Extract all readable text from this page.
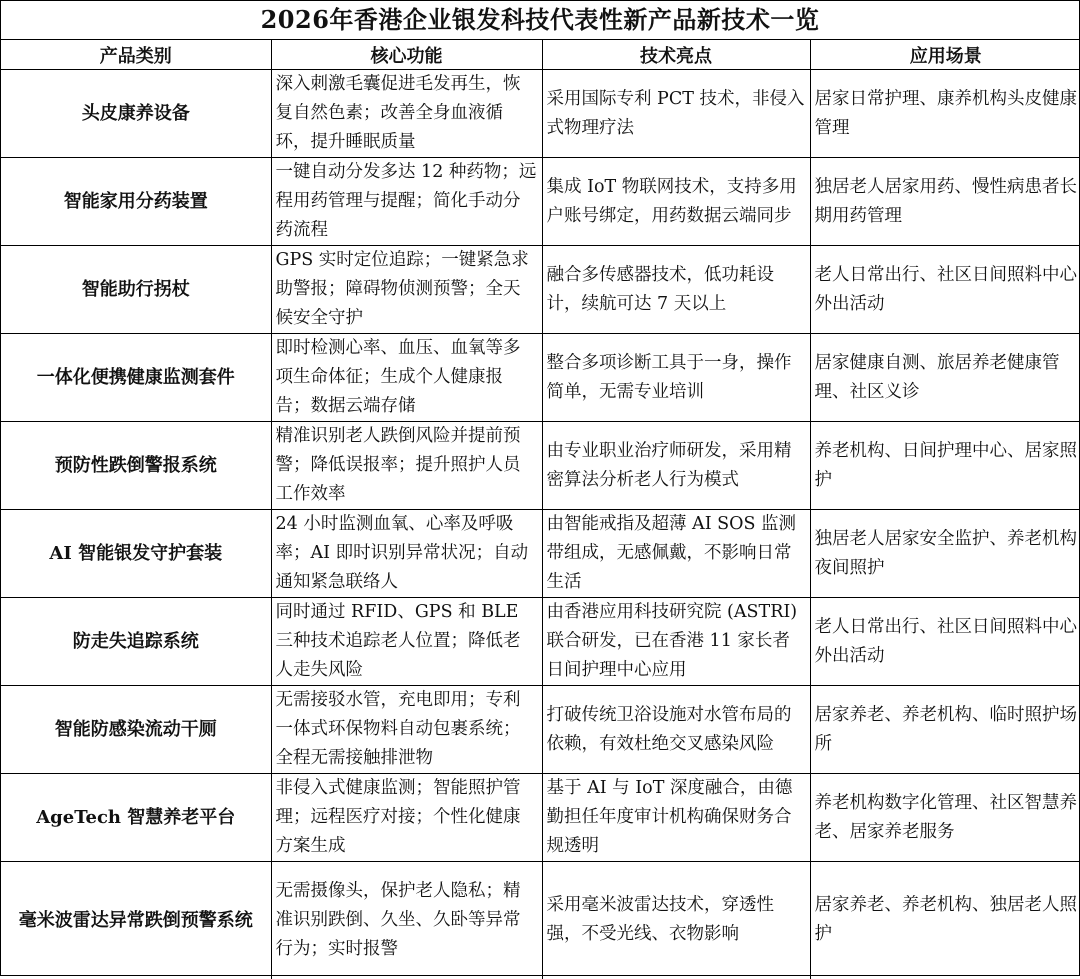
2026年香港企业银发科技代表性新产品新技术一览
产品类别	核心功能	技术亮点	应用场景
头皮康养设备	深入刺激毛囊促进毛发再生，恢复自然色素；改善全身血液循环，提升睡眠质量	采用国际专利 PCT 技术，非侵入式物理疗法	居家日常护理、康养机构头皮健康管理
智能家用分药装置	一键自动分发多达 12 种药物；远程用药管理与提醒；简化手动分药流程	集成 IoT 物联网技术，支持多用户账号绑定，用药数据云端同步	独居老人居家用药、慢性病患者长期用药管理
智能助行拐杖	GPS 实时定位追踪；一键紧急求助警报；障碍物侦测预警；全天候安全守护	融合多传感器技术，低功耗设计，续航可达 7 天以上	老人日常出行、社区日间照料中心外出活动
一体化便携健康监测套件	即时检测心率、血压、血氧等多项生命体征；生成个人健康报告；数据云端存储	整合多项诊断工具于一身，操作简单，无需专业培训	居家健康自测、旅居养老健康管理、社区义诊
预防性跌倒警报系统	精准识别老人跌倒风险并提前预警；降低误报率；提升照护人员工作效率	由专业职业治疗师研发，采用精密算法分析老人行为模式	养老机构、日间护理中心、居家照护
AI 智能银发守护套装	24 小时监测血氧、心率及呼吸率；AI 即时识别异常状况；自动通知紧急联络人	由智能戒指及超薄 AI SOS 监测带组成，无感佩戴，不影响日常生活	独居老人居家安全监护、养老机构夜间照护
防走失追踪系统	同时通过 RFID、GPS 和 BLE 三种技术追踪老人位置；降低老人走失风险	由香港应用科技研究院 (ASTRI) 联合研发，已在香港 11 家长者日间护理中心应用	老人日常出行、社区日间照料中心外出活动
智能防感染流动干厕	无需接驳水管，充电即用；专利一体式环保物料自动包裹系统；全程无需接触排泄物	打破传统卫浴设施对水管布局的依赖，有效杜绝交叉感染风险	居家养老、养老机构、临时照护场所
AgeTech 智慧养老平台	非侵入式健康监测；智能照护管理；远程医疗对接；个性化健康方案生成	基于 AI 与 IoT 深度融合，由德勤担任年度审计机构确保财务合规透明	养老机构数字化管理、社区智慧养老、居家养老服务
毫米波雷达异常跌倒预警系统	无需摄像头，保护老人隐私；精准识别跌倒、久坐、久卧等异常行为；实时报警	采用毫米波雷达技术，穿透性强，不受光线、衣物影响	居家养老、养老机构、独居老人照护
